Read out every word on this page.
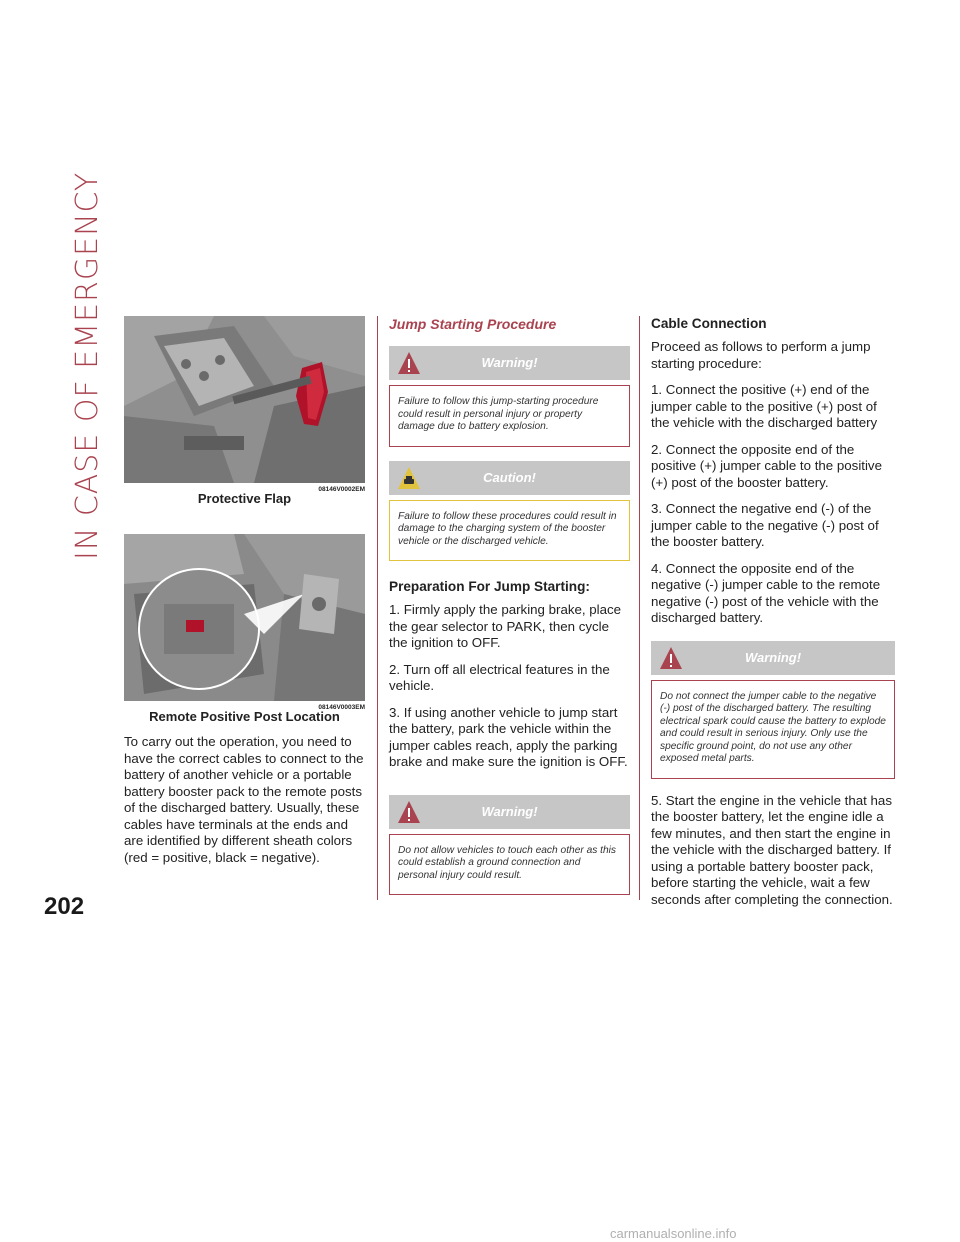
IN CASE OF EMERGENCY
202
08146V0002EM
Protective Flap
08146V0003EM
Remote Positive Post Location

To carry out the operation, you need to have the correct cables to connect to the battery of another vehicle or a portable battery booster pack to the remote posts of the discharged battery. Usually, these cables have terminals at the ends and are identified by different sheath colors (red = positive, black = negative).

Jump Starting Procedure
Warning!
Failure to follow this jump-starting procedure could result in personal injury or property damage due to battery explosion.
Caution!
Failure to follow these procedures could result in damage to the charging system of the booster vehicle or the discharged vehicle.
Preparation For Jump Starting:

1. Firmly apply the parking brake, place the gear selector to PARK, then cycle the ignition to OFF.

2. Turn off all electrical features in the vehicle.

3. If using another vehicle to jump start the battery, park the vehicle within the jumper cables reach, apply the parking brake and make sure the ignition is OFF.

Warning!
Do not allow vehicles to touch each other as this could establish a ground connection and personal injury could result.
Cable Connection

Proceed as follows to perform a jump starting procedure:

1. Connect the positive (+) end of the jumper cable to the positive (+) post of the vehicle with the discharged battery

2. Connect the opposite end of the positive (+) jumper cable to the positive (+) post of the booster battery.

3. Connect the negative end (-) of the jumper cable to the negative (-) post of the booster battery.

4. Connect the opposite end of the negative (-) jumper cable to the remote negative (-) post of the vehicle with the discharged battery.

Warning!
Do not connect the jumper cable to the negative (-) post of the discharged battery. The resulting electrical spark could cause the battery to explode and could result in serious injury. Only use the specific ground point, do not use any other exposed metal parts.

5. Start the engine in the vehicle that has the booster battery, let the engine idle a few minutes, and then start the engine in the vehicle with the discharged battery. If using a portable battery booster pack, before starting the vehicle, wait a few seconds after completing the connection.

carmanualsonline.info
